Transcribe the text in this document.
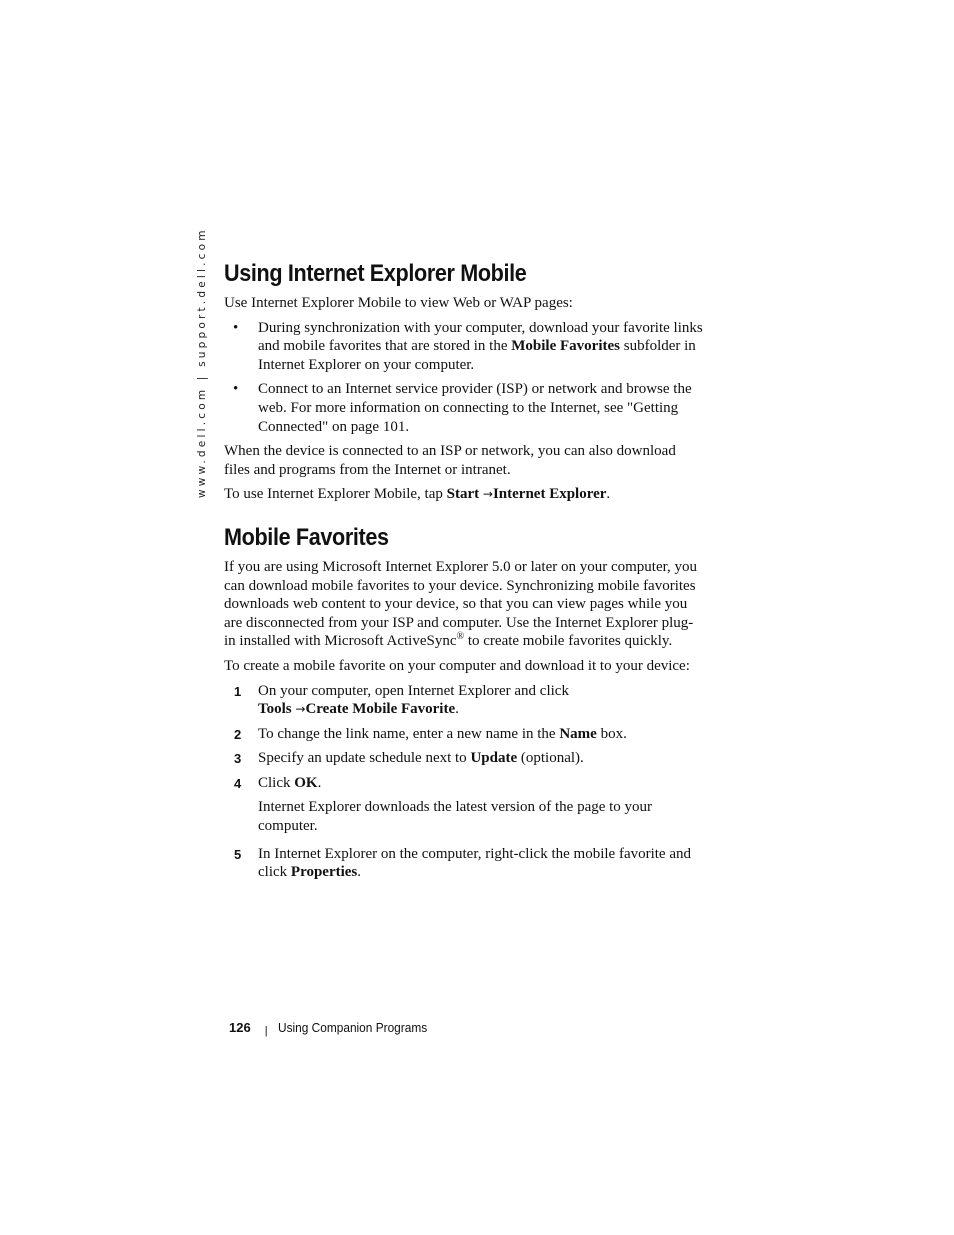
www.dell.com | support.dell.com Using Internet Explorer Mobile

Use Internet Explorer Mobile to view Web or WAP pages:

• During synchronization with your computer, download your favorite links and mobile favorites that are stored in the Mobile Favorites subfolder in Internet Explorer on your computer.
• Connect to an Internet service provider (ISP) or network and browse the web. For more information on connecting to the Internet, see "Getting Connected" on page 101.

When the device is connected to an ISP or network, you can also download files and programs from the Internet or intranet.

To use Internet Explorer Mobile, tap Start →Internet Explorer.

Mobile Favorites

If you are using Microsoft Internet Explorer 5.0 or later on your computer, you can download mobile favorites to your device. Synchronizing mobile favorites downloads web content to your device, so that you can view pages while you are disconnected from your ISP and computer. Use the Internet Explorer plug-in installed with Microsoft ActiveSync® to create mobile favorites quickly.

To create a mobile favorite on your computer and download it to your device:

1 On your computer, open Internet Explorer and click
Tools →Create Mobile Favorite.
2 To change the link name, enter a new name in the Name box.
3 Specify an update schedule next to Update (optional).
4 Click OK.

Internet Explorer downloads the latest version of the page to your computer.

5 In Internet Explorer on the computer, right-click the mobile favorite and click Properties.
126 | Using Companion Programs
